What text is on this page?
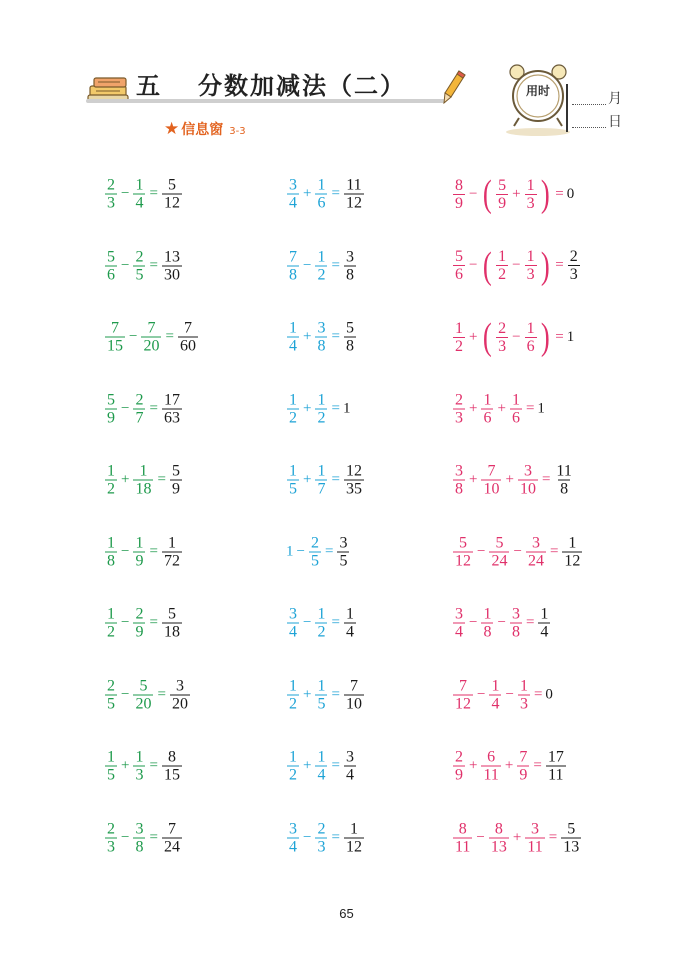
五 分数加减法（二）
★ 信息窗 3-3
用时	月
日
$\frac{2}{3} - \frac{1}{4} = \frac{5}{12}$
$\frac{5}{6} - \frac{2}{5} = \frac{13}{30}$
$\frac{7}{15} - \frac{7}{20} = \frac{7}{60}$
$\frac{5}{9} - \frac{2}{7} = \frac{17}{63}$
$\frac{1}{2} + \frac{1}{18} = \frac{5}{9}$
$\frac{1}{8} - \frac{1}{9} = \frac{1}{72}$
$\frac{1}{2} - \frac{2}{9} = \frac{5}{18}$
$\frac{2}{5} - \frac{5}{20} = \frac{3}{20}$
$\frac{1}{5} + \frac{1}{3} = \frac{8}{15}$
$\frac{2}{3} - \frac{3}{8} = \frac{7}{24}$
$\frac{3}{4} + \frac{1}{6} = \frac{11}{12}$
$\frac{7}{8} - \frac{1}{2} = \frac{3}{8}$
$\frac{1}{4} + \frac{3}{8} = \frac{5}{8}$
$\frac{1}{2} + \frac{1}{2} = 1$
$\frac{1}{5} + \frac{1}{7} = \frac{12}{35}$
$1 - \frac{2}{5} = \frac{3}{5}$
$\frac{3}{4} - \frac{1}{2} = \frac{1}{4}$
$\frac{1}{2} + \frac{1}{5} = \frac{7}{10}$
$\frac{1}{2} + \frac{1}{4} = \frac{3}{4}$
$\frac{3}{4} - \frac{2}{3} = \frac{1}{12}$
$\frac{8}{9}$ − ( $\frac{5}{9} + \frac{1}{3}$ ) = 0
$\frac{5}{6}$ − ( $\frac{1}{2} - \frac{1}{3}$ ) = $\frac{2}{3}$
$\frac{1}{2}$ + ( $\frac{2}{3} - \frac{1}{6}$ ) = 1
$\frac{2}{3} + \frac{1}{6} + \frac{1}{6} = 1$
$\frac{3}{8} + \frac{7}{10} + \frac{3}{10} = \frac{11}{8}$
$\frac{5}{12} - \frac{5}{24} - \frac{3}{24} = \frac{1}{12}$
$\frac{3}{4} - \frac{1}{8} - \frac{3}{8} = \frac{1}{4}$
$\frac{7}{12} - \frac{1}{4} - \frac{1}{3} = 0$
$\frac{2}{9} + \frac{6}{11} + \frac{7}{9} = \frac{17}{11}$
$\frac{8}{11} - \frac{8}{13} + \frac{3}{11} = \frac{5}{13}$
65
